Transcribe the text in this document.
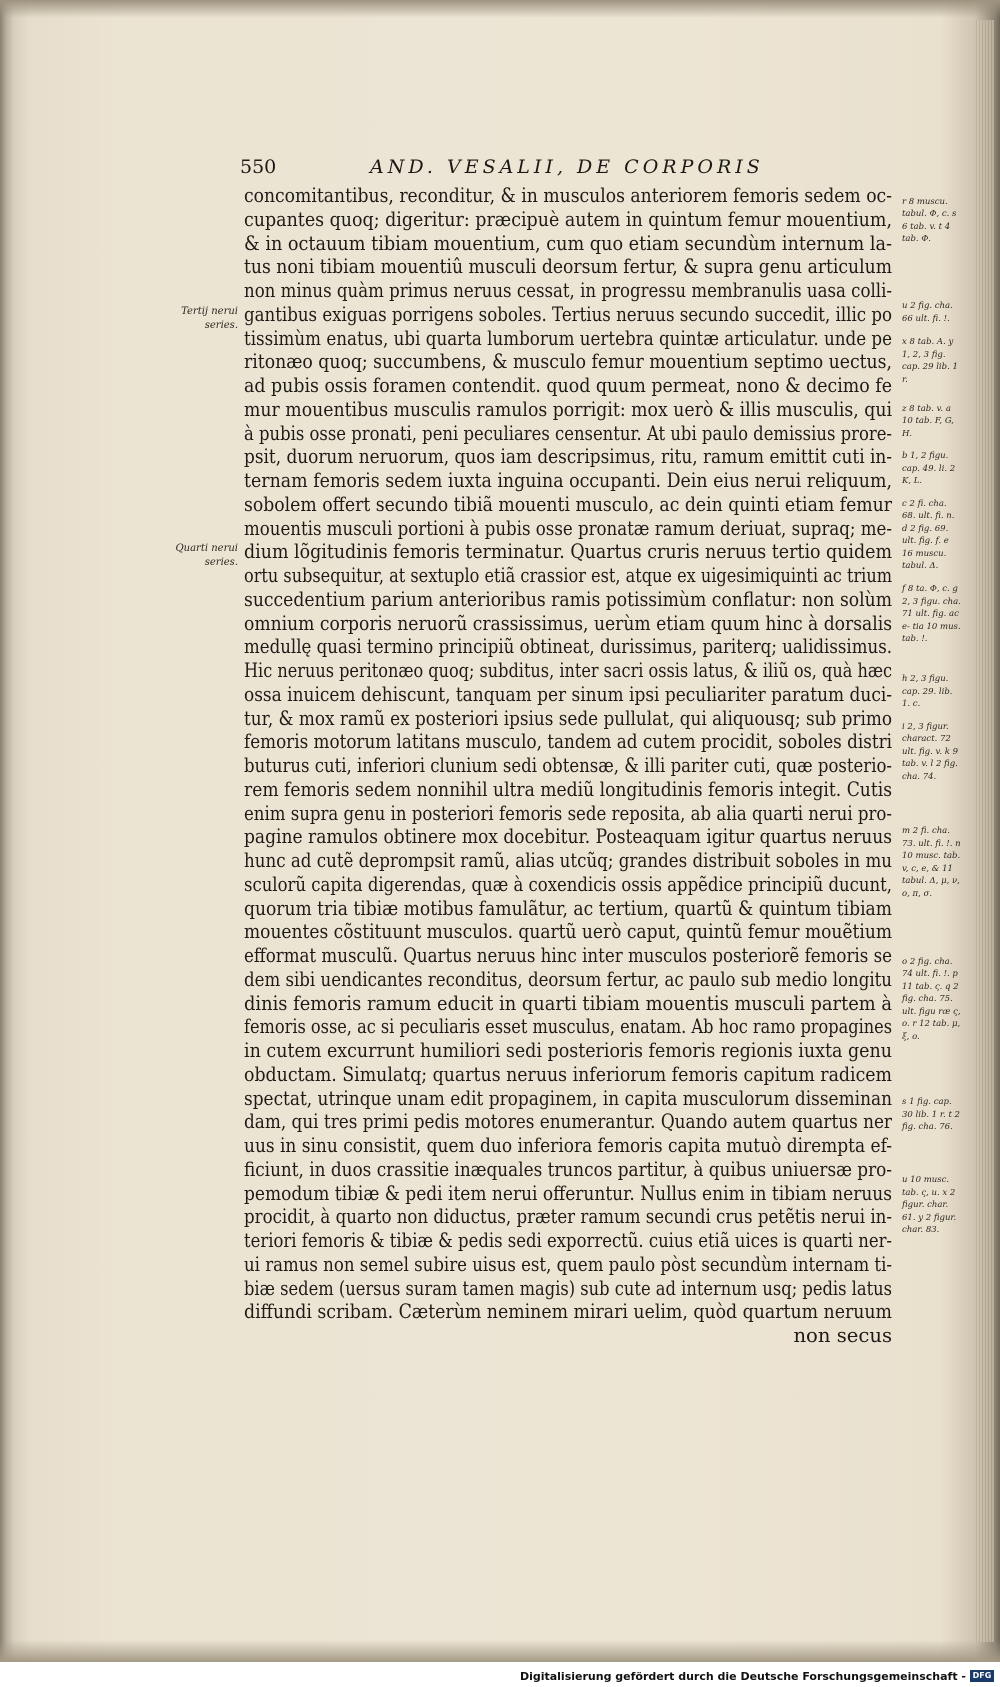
550	AND. VESALII, DE CORPORIS
concomitantibus, reconditur, & in musculos anteriorem femoris sedem oc-
cupantes quoq; digeritur: præcipuè autem in quintum femur mouentium,
& in octauum tibiam mouentium, cum quo etiam secundùm internum la-
tus noni tibiam mouentiû musculi deorsum fertur, & supra genu articulum
non minus quàm primus neruus cessat, in progressu membranulis uasa colli-
gantibus exiguas porrigens soboles. Tertius neruus secundo succedit, illic po
tissimùm enatus, ubi quarta lumborum uertebra quintæ articulatur. unde pe
ritonæo quoq; succumbens, & musculo femur mouentium septimo uectus,
ad pubis ossis foramen contendit. quod quum permeat, nono & decimo fe
mur mouentibus musculis ramulos porrigit: mox uerò & illis musculis, qui
à pubis osse pronati, peni peculiares censentur. At ubi paulo demissius prore-
psit, duorum neruorum, quos iam descripsimus, ritu, ramum emittit cuti in-
ternam femoris sedem iuxta inguina occupanti. Dein eius nerui reliquum,
sobolem offert secundo tibiã mouenti musculo, ac dein quinti etiam femur
mouentis musculi portioni à pubis osse pronatæ ramum deriuat, supraq; me-
dium lõgitudinis femoris terminatur. Quartus cruris neruus tertio quidem
ortu subsequitur, at sextuplo etiã crassior est, atque ex uigesimiquinti ac trium
succedentium parium anterioribus ramis potissimùm conflatur: non solùm
omnium corporis neruorũ crassissimus, uerùm etiam quum hinc à dorsalis
medullę quasi termino principiũ obtineat, durissimus, pariterq; ualidissimus.
Hic neruus peritonæo quoq; subditus, inter sacri ossis latus, & iliũ os, quà hæc
ossa inuicem dehiscunt, tanquam per sinum ipsi peculiariter paratum duci-
tur, & mox ramũ ex posteriori ipsius sede pullulat, qui aliquousq; sub primo
femoris motorum latitans musculo, tandem ad cutem procidit, soboles distri
buturus cuti, inferiori clunium sedi obtensæ, & illi pariter cuti, quæ posterio-
rem femoris sedem nonnihil ultra mediũ longitudinis femoris integit. Cutis
enim supra genu in posteriori femoris sede reposita, ab alia quarti nerui pro-
pagine ramulos obtinere mox docebitur. Posteaquam igitur quartus neruus
hunc ad cutẽ deprompsit ramũ, alias utcũq; grandes distribuit soboles in mu
sculorũ capita digerendas, quæ à coxendicis ossis appẽdice principiũ ducunt,
quorum tria tibiæ motibus famulãtur, ac tertium, quartũ & quintum tibiam
mouentes cõstituunt musculos. quartũ uerò caput, quintũ femur mouẽtium
efformat musculũ. Quartus neruus hinc inter musculos posteriorẽ femoris se
dem sibi uendicantes reconditus, deorsum fertur, ac paulo sub medio longitu
dinis femoris ramum educit in quarti tibiam mouentis musculi partem à
femoris osse, ac si peculiaris esset musculus, enatam. Ab hoc ramo propagines
in cutem excurrunt humiliori sedi posterioris femoris regionis iuxta genu
obductam. Simulatq; quartus neruus inferiorum femoris capitum radicem
spectat, utrinque unam edit propaginem, in capita musculorum disseminan
dam, qui tres primi pedis motores enumerantur. Quando autem quartus ner
uus in sinu consistit, quem duo inferiora femoris capita mutuò dirempta ef-
ficiunt, in duos crassitie inæquales truncos partitur, à quibus uniuersæ pro-
pemodum tibiæ & pedi item nerui offeruntur. Nullus enim in tibiam neruus
procidit, à quarto non diductus, præter ramum secundi crus petẽtis nerui in-
teriori femoris & tibiæ & pedis sedi exporrectũ. cuius etiã uices is quarti ner-
ui ramus non semel subire uisus est, quem paulo pòst secundùm internam ti-
biæ sedem (uersus suram tamen magis) sub cute ad internum usq; pedis latus
diffundi scribam. Cæterùm neminem mirari uelim, quòd quartum neruum
non secus
Tertij nerui series.
Quarti nerui series.
r 8 muscu. tabul. Φ, c. s 6 tab. v. t 4 tab. Φ.
u 2 fig. cha. 66 ult. fi. !.
x 8 tab. A. y 1, 2, 3 fig. cap. 29 lib. 1 r.
z 8 tab. v. a 10 tab. F, G, H.
b 1, 2 figu. cap. 49. li. 2 K, L.
c 2 fi. cha. 68. ult. fi. n. d 2 fig. 69. ult. fig. f. e 16 muscu. tabul. Δ.
f 8 ta. Φ, c. g 2, 3 figu. cha. 71 ult. fig. ac e- tia 10 mus. tab. !.
h 2, 3 figu. cap. 29. lib. 1. c.
i 2, 3 figur. charact. 72 ult. fig. v. k 9 tab. v. l 2 fig. cha. 74.
m 2 fi. cha. 73. ult. fi. !. n 10 musc. tab. v, c, e, & 11 tabul. Δ, μ, ν, ο, π, σ.
o 2 fig. cha. 74 ult. fi. !. p 11 tab. ς. q 2 fig. cha. 75. ult. figu ræ ς, o. r 12 tab. μ, ξ, o.
s 1 fig. cap. 30 lib. 1 r. t 2 fig. cha. 76.
u 10 musc. tab. ς, u. x 2 figur. char. 61. y 2 figur. char. 83.
Digitalisierung gefördert durch die Deutsche Forschungsgemeinschaft - DFG
